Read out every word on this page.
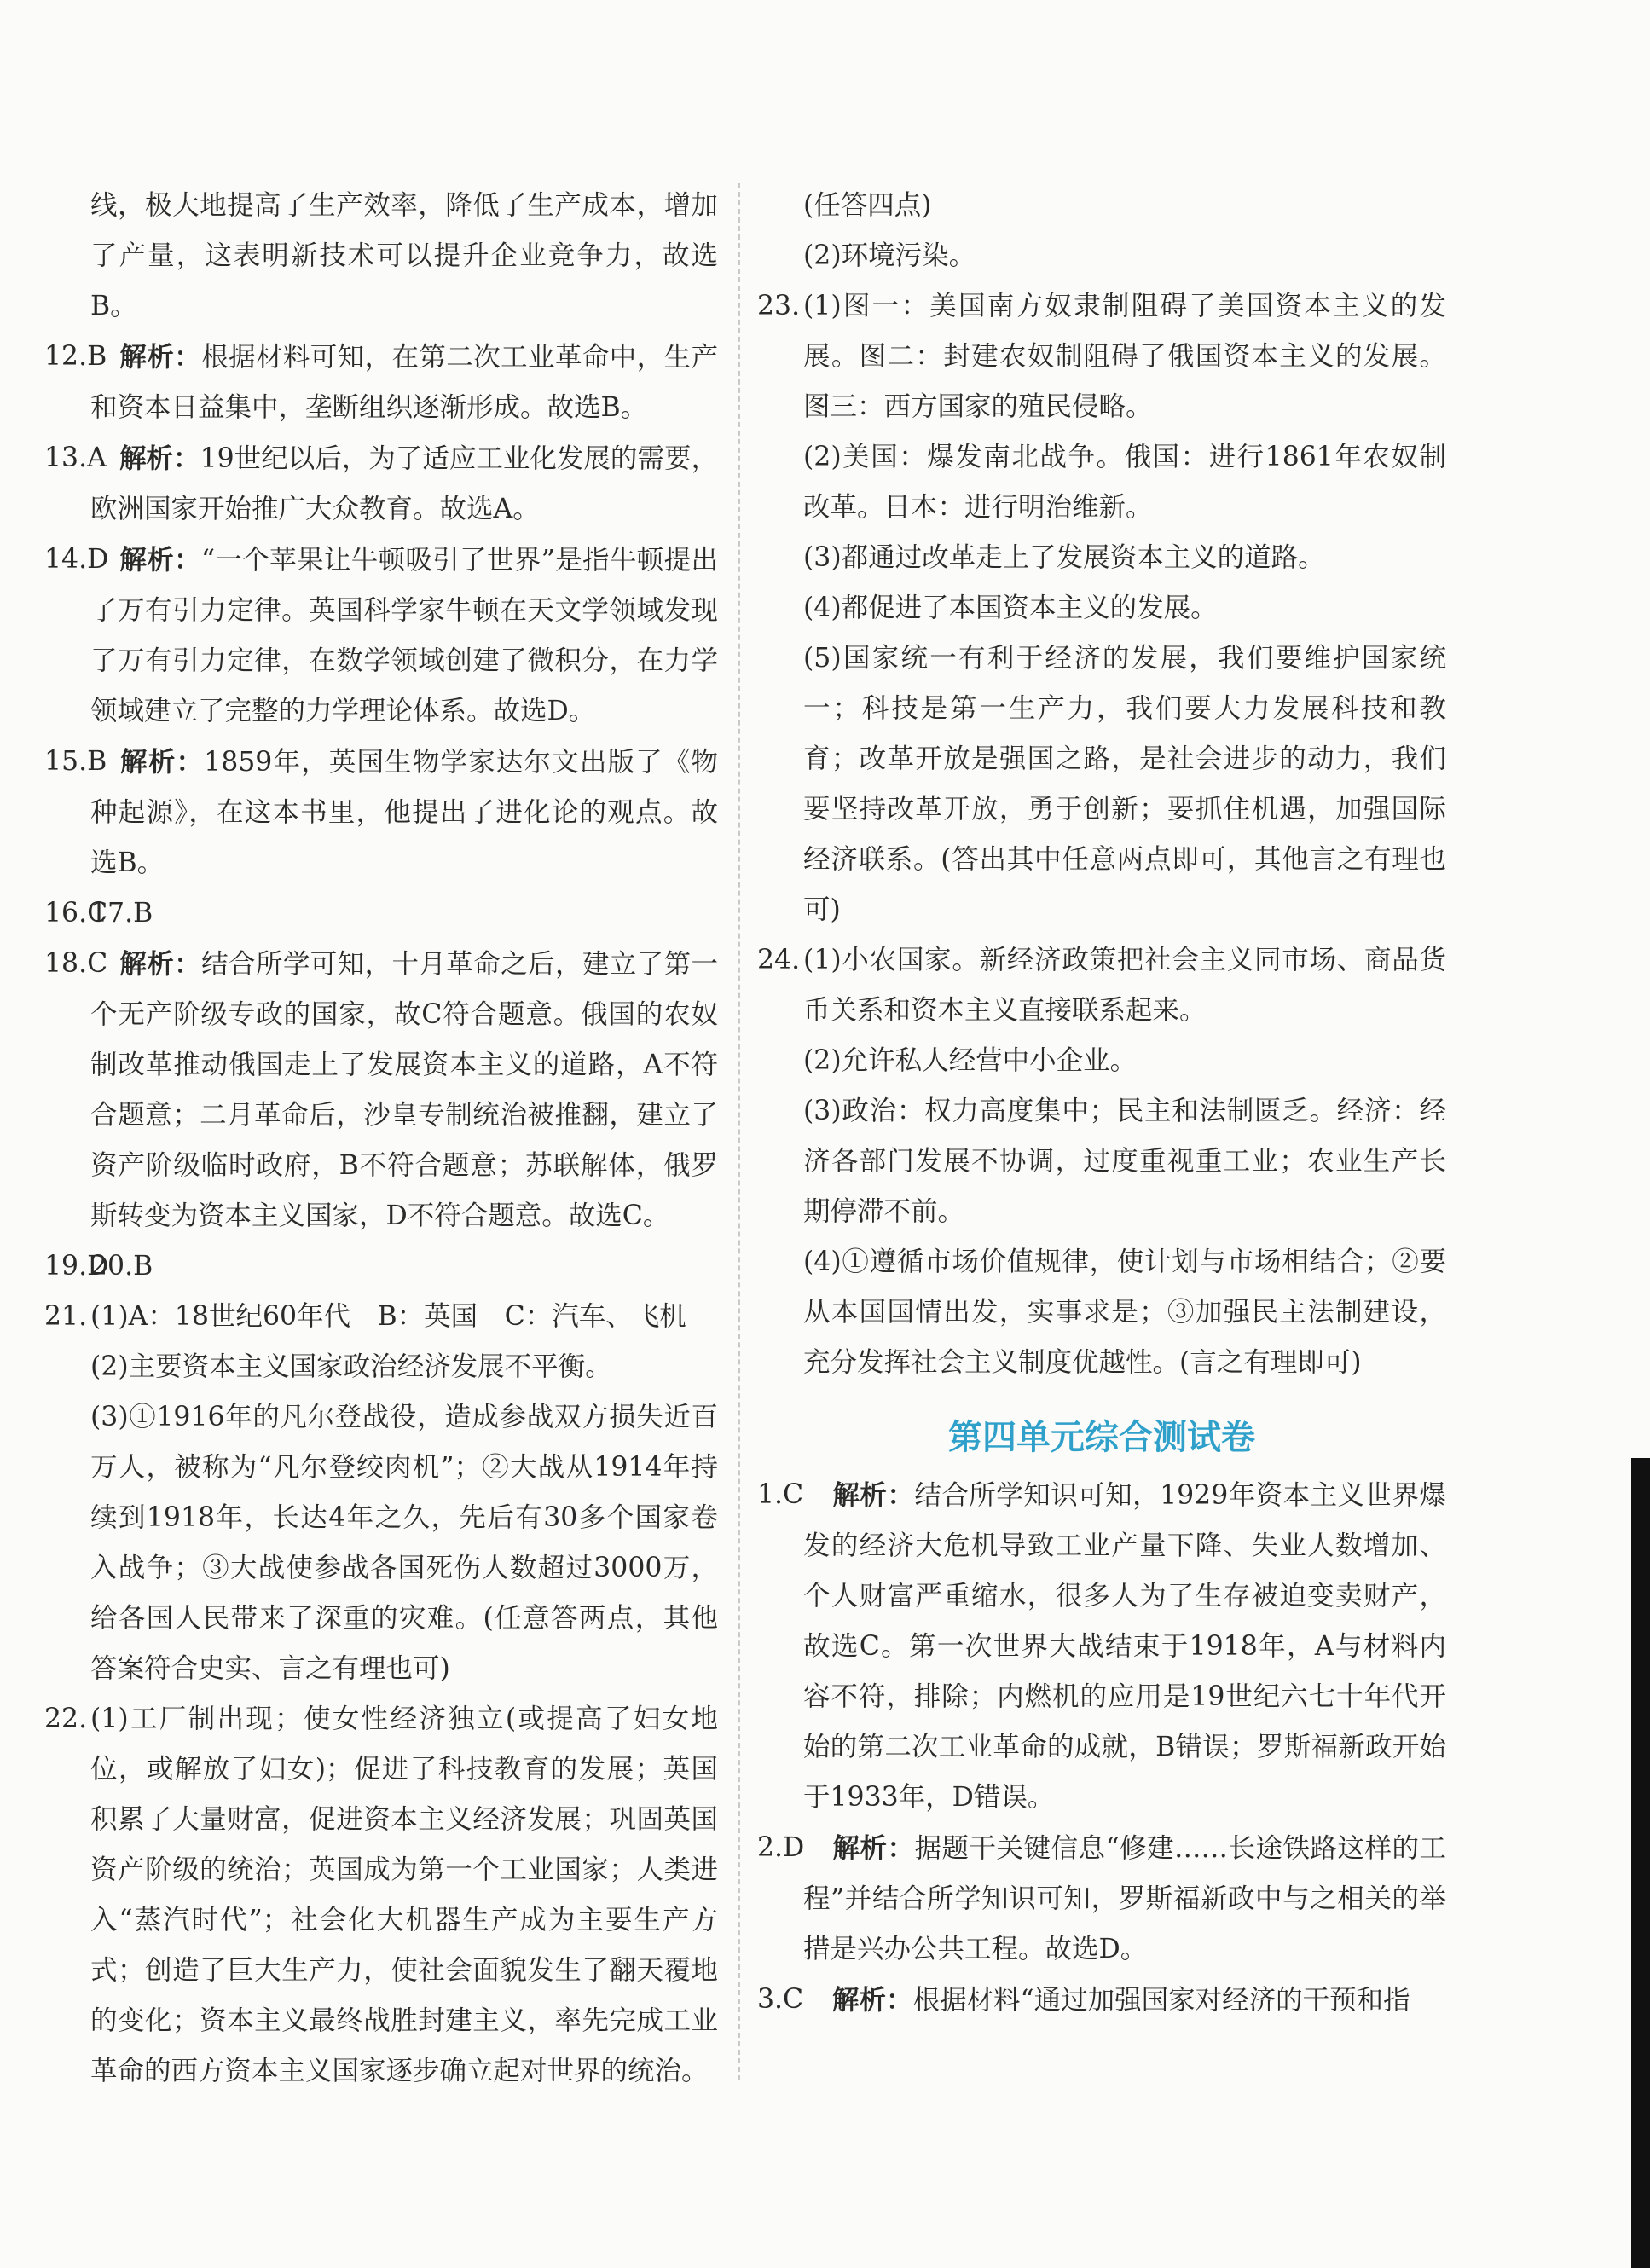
线，极大地提高了生产效率，降低了生产成本，增加了产量，这表明新技术可以提升企业竞争力，故选B。
12.B 解析：根据材料可知，在第二次工业革命中，生产和资本日益集中，垄断组织逐渐形成。故选B。
13.A 解析：19世纪以后，为了适应工业化发展的需要，欧洲国家开始推广大众教育。故选A。
14.D 解析：“一个苹果让牛顿吸引了世界”是指牛顿提出了万有引力定律。英国科学家牛顿在天文学领域发现了万有引力定律，在数学领域创建了微积分，在力学领域建立了完整的力学理论体系。故选D。
15.B 解析：1859年，英国生物学家达尔文出版了《物种起源》，在这本书里，他提出了进化论的观点。故选B。
16.C
17.B
18.C 解析：结合所学可知，十月革命之后，建立了第一个无产阶级专政的国家，故C符合题意。俄国的农奴制改革推动俄国走上了发展资本主义的道路，A不符合题意；二月革命后，沙皇专制统治被推翻，建立了资产阶级临时政府，B不符合题意；苏联解体，俄罗斯转变为资本主义国家，D不符合题意。故选C。
19.D
20.B
21. (1)A：18世纪60年代　B：英国　C：汽车、飞机
(2)主要资本主义国家政治经济发展不平衡。
(3)①1916年的凡尔登战役，造成参战双方损失近百万人，被称为“凡尔登绞肉机”；②大战从1914年持续到1918年，长达4年之久，先后有30多个国家卷入战争；③大战使参战各国死伤人数超过3000万，给各国人民带来了深重的灾难。(任意答两点，其他答案符合史实、言之有理也可)
22. (1)工厂制出现；使女性经济独立(或提高了妇女地位，或解放了妇女)；促进了科技教育的发展；英国积累了大量财富，促进资本主义经济发展；巩固英国资产阶级的统治；英国成为第一个工业国家；人类进入“蒸汽时代”；社会化大机器生产成为主要生产方式；创造了巨大生产力，使社会面貌发生了翻天覆地的变化；资本主义最终战胜封建主义，率先完成工业革命的西方资本主义国家逐步确立起对世界的统治。
(任答四点)
(2)环境污染。
23. (1)图一：美国南方奴隶制阻碍了美国资本主义的发展。图二：封建农奴制阻碍了俄国资本主义的发展。图三：西方国家的殖民侵略。
(2)美国：爆发南北战争。俄国：进行1861年农奴制改革。日本：进行明治维新。
(3)都通过改革走上了发展资本主义的道路。
(4)都促进了本国资本主义的发展。
(5)国家统一有利于经济的发展，我们要维护国家统一；科技是第一生产力，我们要大力发展科技和教育；改革开放是强国之路，是社会进步的动力，我们要坚持改革开放，勇于创新；要抓住机遇，加强国际经济联系。(答出其中任意两点即可，其他言之有理也可)
24. (1)小农国家。新经济政策把社会主义同市场、商品货币关系和资本主义直接联系起来。
(2)允许私人经营中小企业。
(3)政治：权力高度集中；民主和法制匮乏。经济：经济各部门发展不协调，过度重视重工业；农业生产长期停滞不前。
(4)①遵循市场价值规律，使计划与市场相结合；②要从本国国情出发，实事求是；③加强民主法制建设，充分发挥社会主义制度优越性。(言之有理即可)
第四单元综合测试卷
1.C 解析：结合所学知识可知，1929年资本主义世界爆发的经济大危机导致工业产量下降、失业人数增加、个人财富严重缩水，很多人为了生存被迫变卖财产，故选C。第一次世界大战结束于1918年，A与材料内容不符，排除；内燃机的应用是19世纪六七十年代开始的第二次工业革命的成就，B错误；罗斯福新政开始于1933年，D错误。
2.D 解析：据题干关键信息“修建……长途铁路这样的工程”并结合所学知识可知，罗斯福新政中与之相关的举措是兴办公共工程。故选D。
3.C 解析：根据材料“通过加强国家对经济的干预和指
